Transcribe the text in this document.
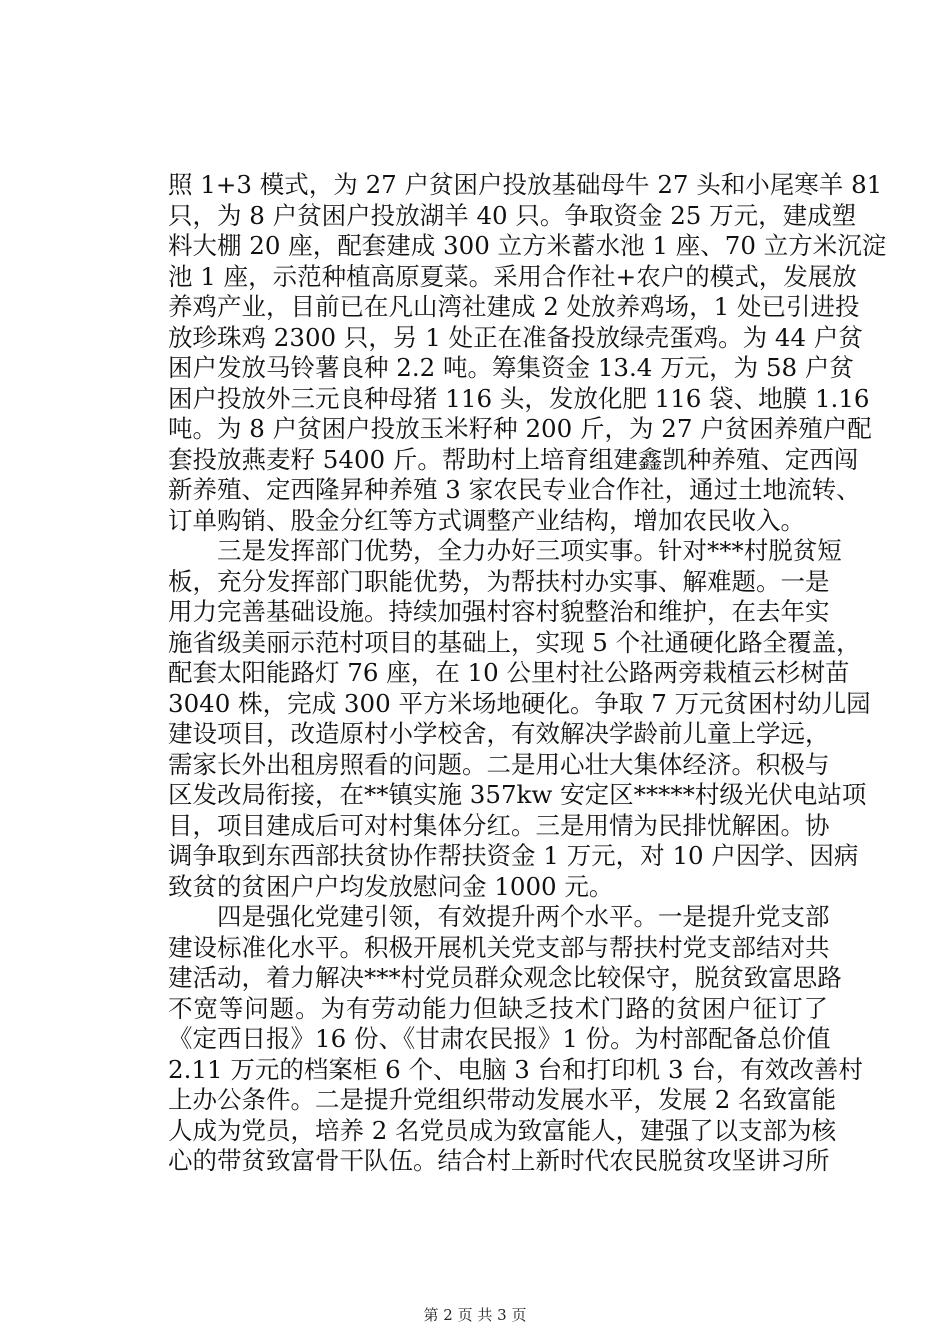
照 1+3 模式，为 27 户贫困户投放基础母牛 27 头和小尾寒羊 81
只，为 8 户贫困户投放湖羊 40 只。争取资金 25 万元，建成塑
料大棚 20 座，配套建成 300 立方米蓄水池 1 座、70 立方米沉淀
池 1 座，示范种植高原夏菜。采用合作社+农户的模式，发展放
养鸡产业，目前已在凡山湾社建成 2 处放养鸡场，1 处已引进投
放珍珠鸡 2300 只，另 1 处正在准备投放绿壳蛋鸡。为 44 户贫
困户发放马铃薯良种 2.2 吨。筹集资金 13.4 万元，为 58 户贫
困户投放外三元良种母猪 116 头，发放化肥 116 袋、地膜 1.16
吨。为 8 户贫困户投放玉米籽种 200 斤，为 27 户贫困养殖户配
套投放燕麦籽 5400 斤。帮助村上培育组建鑫凯种养殖、定西闯
新养殖、定西隆昇种养殖 3 家农民专业合作社，通过土地流转、
订单购销、股金分红等方式调整产业结构，增加农民收入。
　　三是发挥部门优势，全力办好三项实事。针对***村脱贫短
板，充分发挥部门职能优势，为帮扶村办实事、解难题。一是
用力完善基础设施。持续加强村容村貌整治和维护，在去年实
施省级美丽示范村项目的基础上，实现 5 个社通硬化路全覆盖，
配套太阳能路灯 76 座，在 10 公里村社公路两旁栽植云杉树苗
3040 株，完成 300 平方米场地硬化。争取 7 万元贫困村幼儿园
建设项目，改造原村小学校舍，有效解决学龄前儿童上学远，
需家长外出租房照看的问题。二是用心壮大集体经济。积极与
区发改局衔接，在**镇实施 357kw 安定区*****村级光伏电站项
目，项目建成后可对村集体分红。三是用情为民排忧解困。协
调争取到东西部扶贫协作帮扶资金 1 万元，对 10 户因学、因病
致贫的贫困户户均发放慰问金 1000 元。
　　四是强化党建引领，有效提升两个水平。一是提升党支部
建设标准化水平。积极开展机关党支部与帮扶村党支部结对共
建活动，着力解决***村党员群众观念比较保守，脱贫致富思路
不宽等问题。为有劳动能力但缺乏技术门路的贫困户征订了
《定西日报》16 份、《甘肃农民报》1 份。为村部配备总价值
2.11 万元的档案柜 6 个、电脑 3 台和打印机 3 台，有效改善村
上办公条件。二是提升党组织带动发展水平，发展 2 名致富能
人成为党员，培养 2 名党员成为致富能人，建强了以支部为核
心的带贫致富骨干队伍。结合村上新时代农民脱贫攻坚讲习所
第 2 页 共 3 页
